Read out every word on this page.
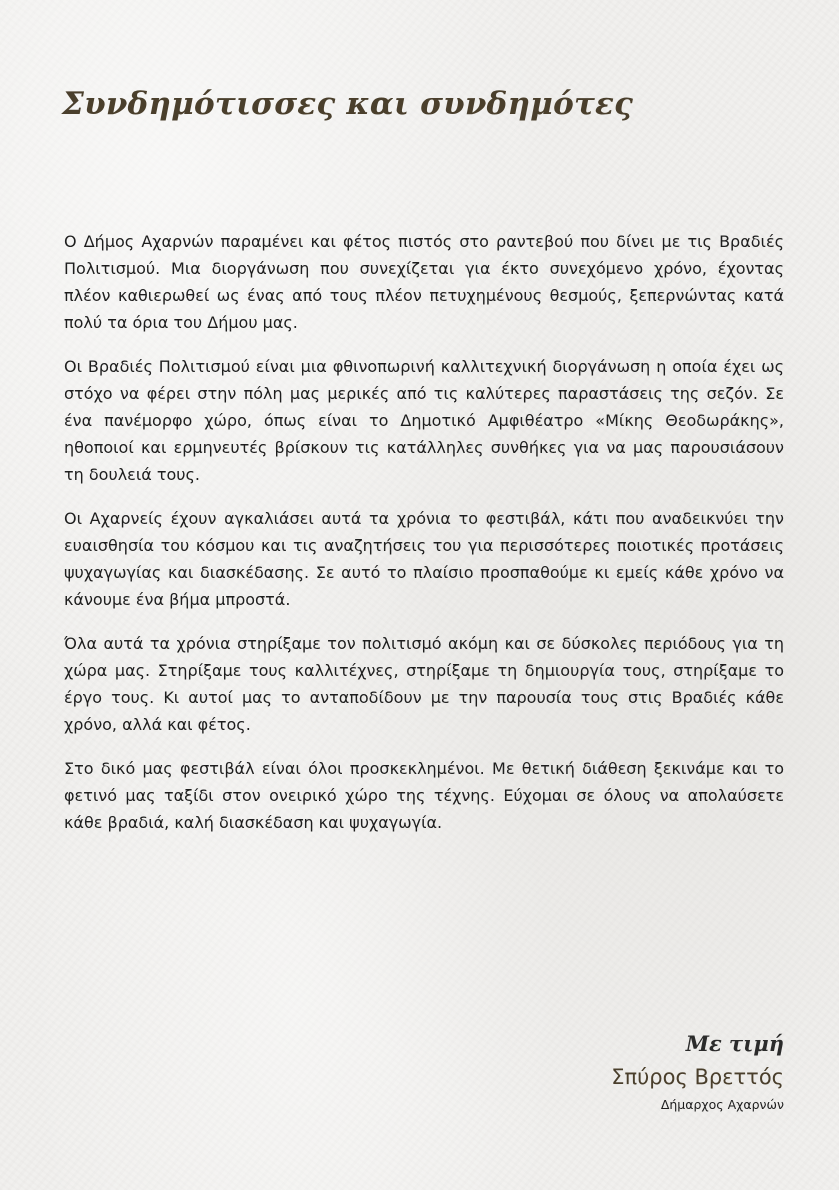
Συνδημότισσες και συνδημότες

Ο Δήμος Αχαρνών παραμένει και φέτος πιστός στο ραντεβού που δίνει με τις Βραδιές Πολιτισμού. Μια διοργάνωση που συνεχίζεται για έκτο συνεχόμενο χρόνο, έχοντας πλέον καθιερωθεί ως ένας από τους πλέον πετυχημένους θεσμούς, ξεπερνώντας κατά πολύ τα όρια του Δήμου μας.

Οι Βραδιές Πολιτισμού είναι μια φθινοπωρινή καλλιτεχνική διοργάνωση η οποία έχει ως στόχο να φέρει στην πόλη μας μερικές από τις καλύτερες παραστάσεις της σεζόν. Σε ένα πανέμορφο χώρο, όπως είναι το Δημοτικό Αμφιθέατρο «Μίκης Θεοδωράκης», ηθοποιοί και ερμηνευτές βρίσκουν τις κατάλληλες συνθήκες για να μας παρουσιάσουν τη δουλειά τους.

Οι Αχαρνείς έχουν αγκαλιάσει αυτά τα χρόνια το φεστιβάλ, κάτι που αναδεικνύει την ευαισθησία του κόσμου και τις αναζητήσεις του για περισσότερες ποιοτικές προτάσεις ψυχαγωγίας και διασκέδασης. Σε αυτό το πλαίσιο προσπαθούμε κι εμείς κάθε χρόνο να κάνουμε ένα βήμα μπροστά.

Όλα αυτά τα χρόνια στηρίξαμε τον πολιτισμό ακόμη και σε δύσκολες περιόδους για τη χώρα μας. Στηρίξαμε τους καλλιτέχνες, στηρίξαμε τη δημιουργία τους, στηρίξαμε το έργο τους. Κι αυτοί μας το ανταποδίδουν με την παρουσία τους στις Βραδιές κάθε χρόνο, αλλά και φέτος.

Στο δικό μας φεστιβάλ είναι όλοι προσκεκλημένοι. Με θετική διάθεση ξεκινάμε και το φετινό μας ταξίδι στον ονειρικό χώρο της τέχνης. Εύχομαι σε όλους να απολαύσετε κάθε βραδιά, καλή διασκέδαση και ψυχαγωγία.

Με τιμή
Σπύρος Βρεττός
Δήμαρχος Αχαρνών
